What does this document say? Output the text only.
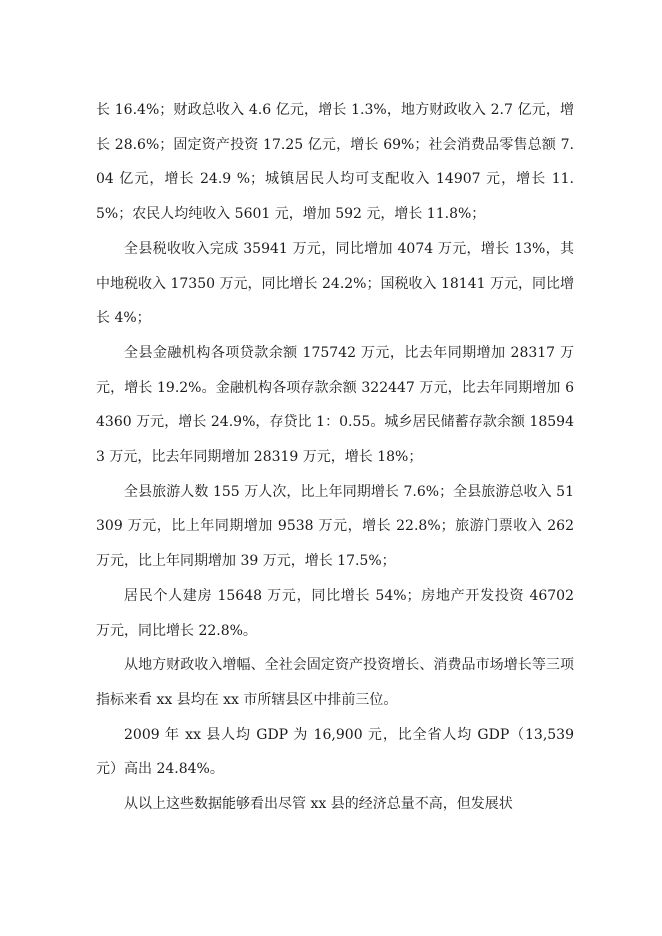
长 16.4%；财政总收入 4.6 亿元，增长 1.3%，地方财政收入 2.7 亿元，增长 28.6%；固定资产投资 17.25 亿元，增长 69%；社会消费品零售总额 7.04 亿元，增长 24.9 %；城镇居民人均可支配收入 14907 元，增长 11.5%；农民人均纯收入 5601 元，增加 592 元，增长 11.8%；

全县税收收入完成 35941 万元，同比增加 4074 万元，增长 13%，其中地税收入 17350 万元，同比增长 24.2%；国税收入 18141 万元，同比增长 4%；

全县金融机构各项贷款余额 175742 万元，比去年同期增加 28317 万元，增长 19.2%。金融机构各项存款余额 322447 万元，比去年同期增加 64360 万元，增长 24.9%，存贷比 1：0.55。城乡居民储蓄存款余额 185943 万元，比去年同期增加 28319 万元，增长 18%；

全县旅游人数 155 万人次，比上年同期增长 7.6%；全县旅游总收入 51309 万元，比上年同期增加 9538 万元，增长 22.8%；旅游门票收入 262 万元，比上年同期增加 39 万元，增长 17.5%；

居民个人建房 15648 万元，同比增长 54%；房地产开发投资 46702 万元，同比增长 22.8%。

从地方财政收入增幅、全社会固定资产投资增长、消费品市场增长等三项指标来看 xx 县均在 xx 市所辖县区中排前三位。

2009 年 xx 县人均 GDP 为 16,900 元，比全省人均 GDP（13,539 元）高出 24.84%。

从以上这些数据能够看出尽管 xx 县的经济总量不高，但发展状
